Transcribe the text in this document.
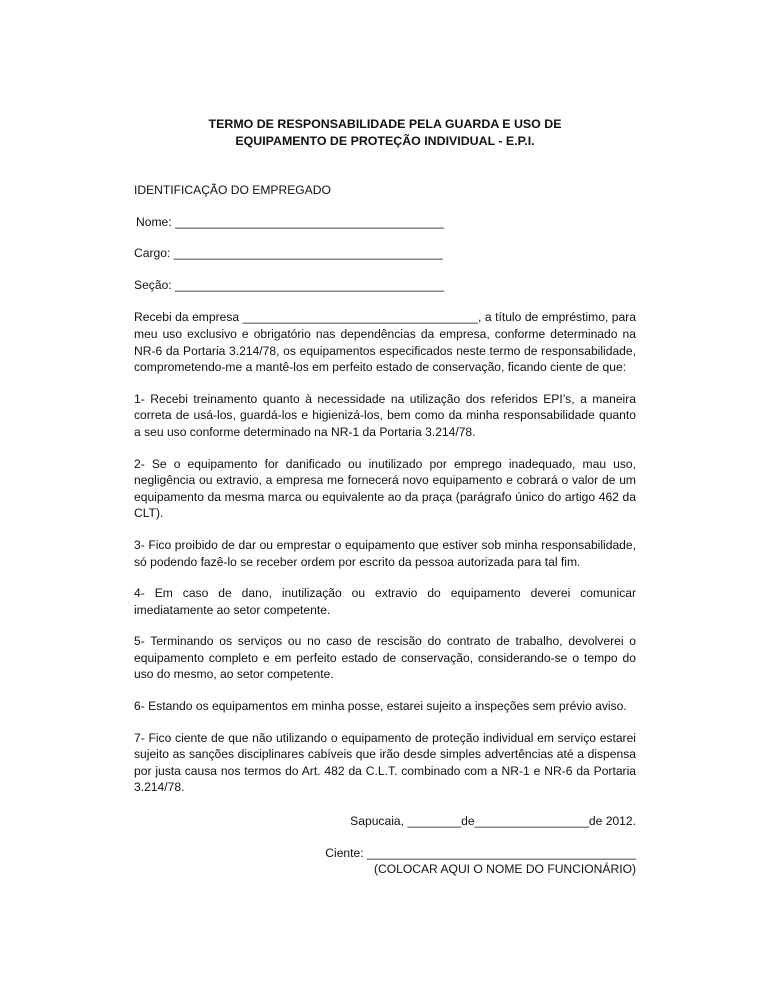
TERMO DE RESPONSABILIDADE PELA GUARDA E USO DE
EQUIPAMENTO DE PROTEÇÃO INDIVIDUAL - E.P.I.
IDENTIFICAÇÃO DO EMPREGADO
Nome: ________________________________________
Cargo: ________________________________________
Seção: ________________________________________
Recebi da empresa ___________________________________, a título de empréstimo, para meu uso exclusivo e obrigatório nas dependências da empresa, conforme determinado na NR-6 da Portaria 3.214/78, os equipamentos especificados neste termo de responsabilidade, comprometendo-me a mantê-los em perfeito estado de conservação, ficando ciente de que:
1- Recebi treinamento quanto à necessidade na utilização dos referidos EPI’s, a maneira correta de usá-los, guardá-los e higienizá-los, bem como da minha responsabilidade quanto a seu uso conforme determinado na NR-1 da Portaria 3.214/78.
2- Se o equipamento for danificado ou inutilizado por emprego inadequado, mau uso, negligência ou extravio, a empresa me fornecerá novo equipamento e cobrará o valor de um equipamento da mesma marca ou equivalente ao da praça (parágrafo único do artigo 462 da CLT).
3- Fico proibido de dar ou emprestar o equipamento que estiver sob minha responsabilidade, só podendo fazê-lo se receber ordem por escrito da pessoa autorizada para tal fim.
4- Em caso de dano, inutilização ou extravio do equipamento deverei comunicar imediatamente ao setor competente.
5- Terminando os serviços ou no caso de rescisão do contrato de trabalho, devolverei o equipamento completo e em perfeito estado de conservação, considerando-se o tempo do uso do mesmo, ao setor competente.
6- Estando os equipamentos em minha posse, estarei sujeito a inspeções sem prévio aviso.
7- Fico ciente de que não utilizando o equipamento de proteção individual em serviço estarei sujeito as sanções disciplinares cabíveis que irão desde simples advertências até a dispensa por justa causa nos termos do Art. 482 da C.L.T. combinado com a NR-1 e NR-6 da Portaria 3.214/78.
Sapucaia, ________de_________________de 2012.
Ciente: ________________________________________
(COLOCAR AQUI O NOME DO FUNCIONÁRIO)
